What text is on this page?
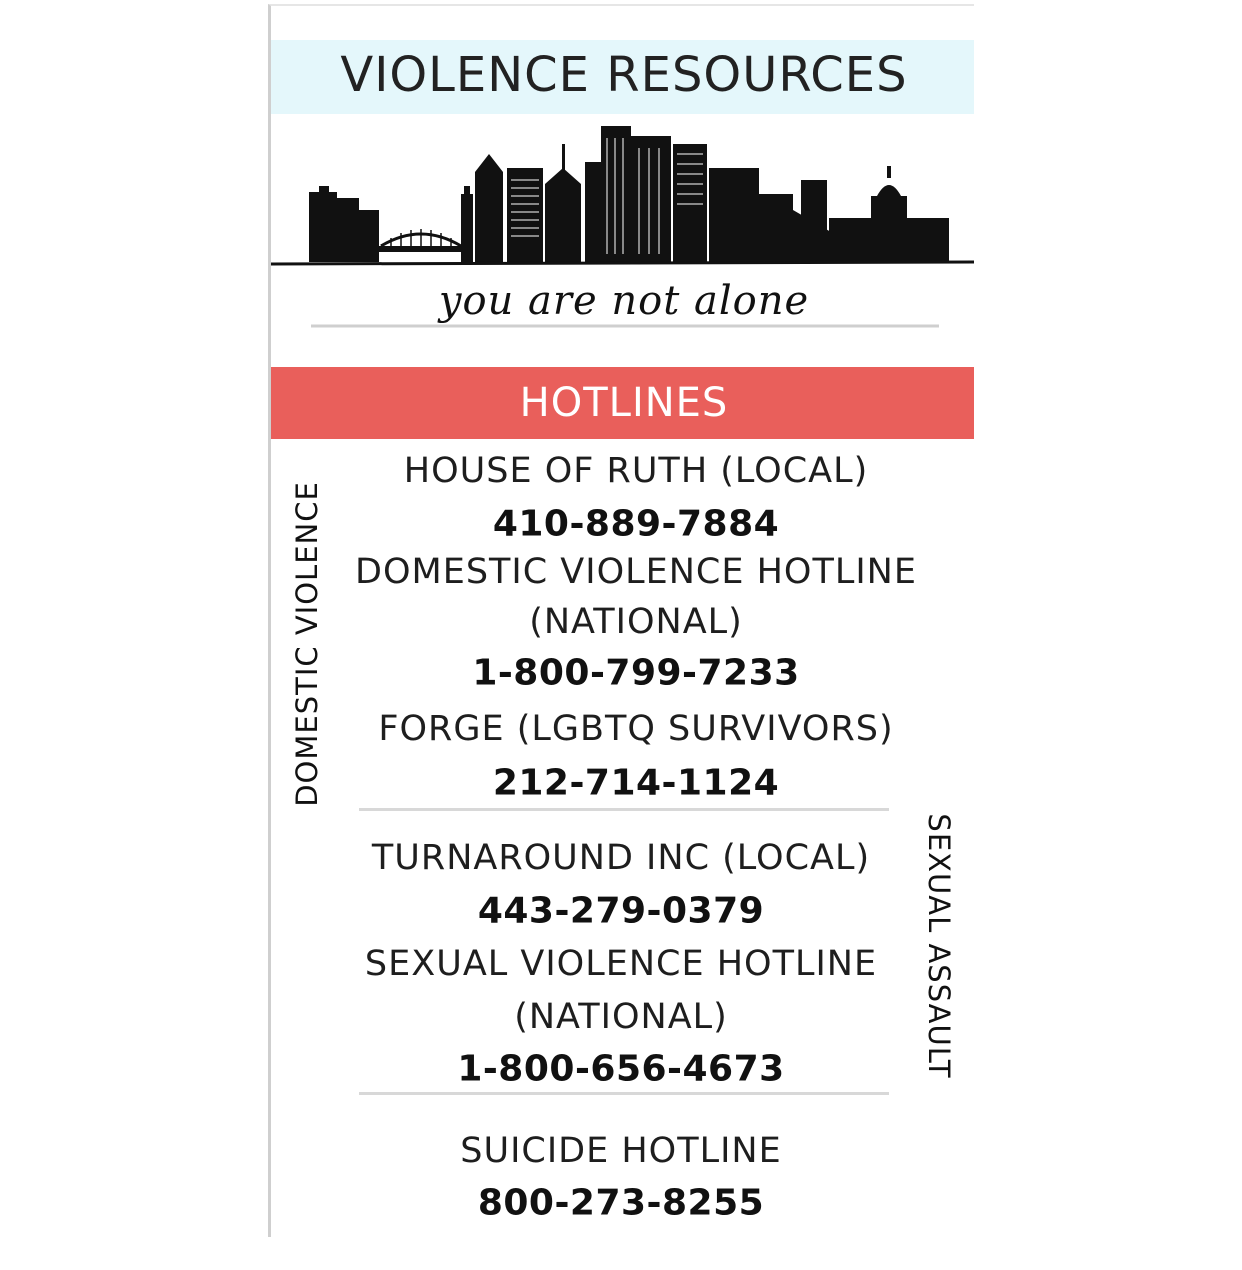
VIOLENCE RESOURCES
you are not alone
HOTLINES
DOMESTIC VIOLENCE
SEXUAL ASSAULT
HOUSE OF RUTH (LOCAL)
410-889-7884
DOMESTIC VIOLENCE HOTLINE
(NATIONAL)
1-800-799-7233
FORGE (LGBTQ SURVIVORS)
212-714-1124
TURNAROUND INC (LOCAL)
443-279-0379
SEXUAL VIOLENCE HOTLINE
(NATIONAL)
1-800-656-4673
SUICIDE HOTLINE
800-273-8255
